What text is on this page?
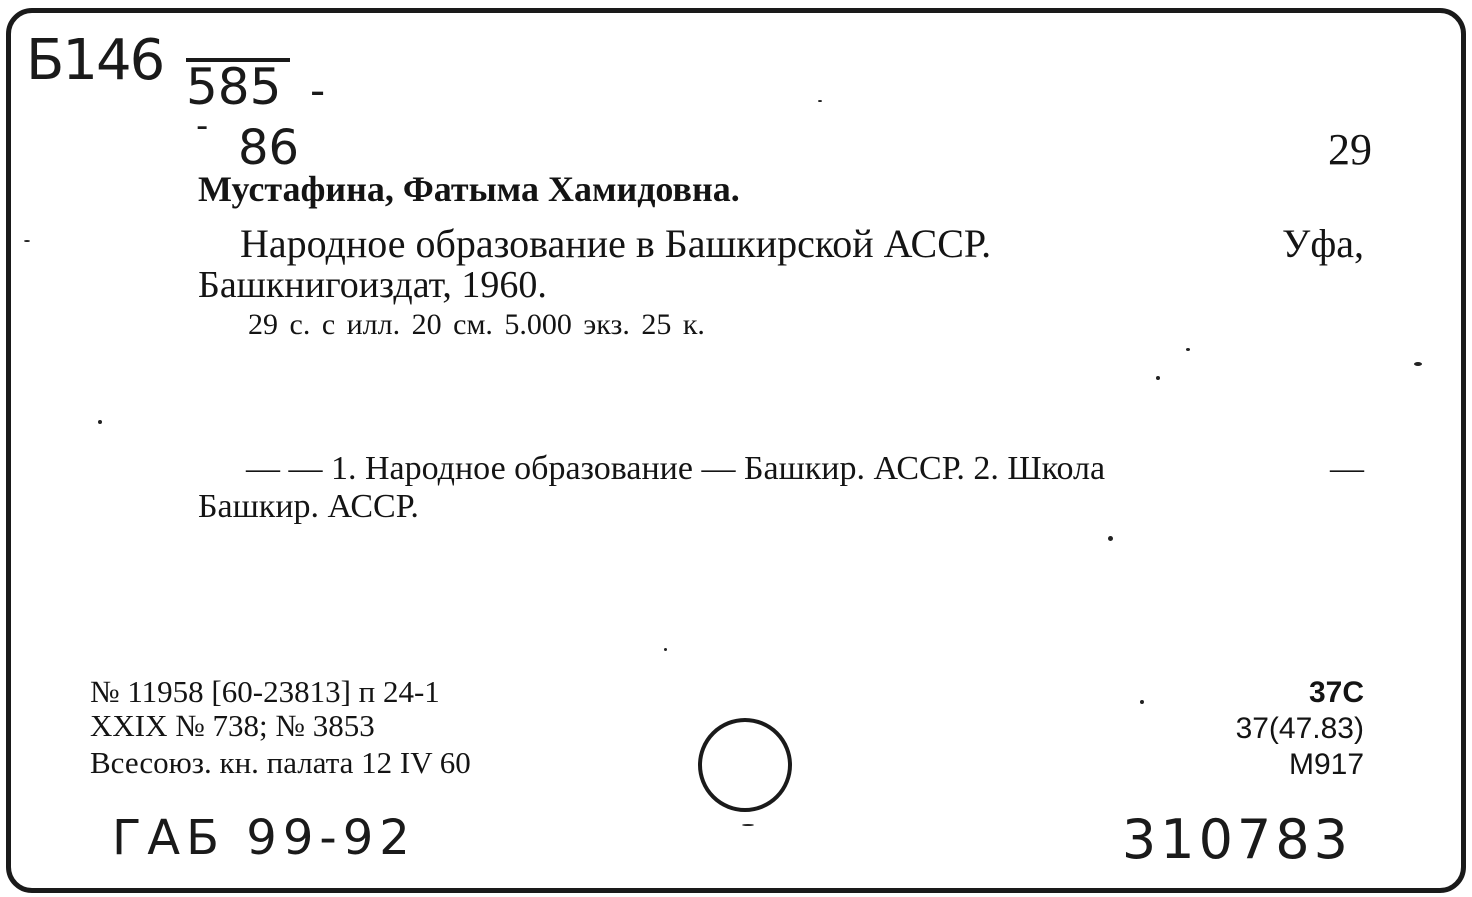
Б146 585 -
- 86	29
Мустафина, Фатыма Хамидовна.
Народное образование в Башкирской АССР.	Уфа,
Башкнигоиздат, 1960.
29 с. с илл. 20 см. 5.000 экз. 25 к.
— — 1. Народное образование — Башкир. АССР. 2. Школа	—
Башкир. АССР.
№ 11958 [60-23813] п 24-1
XXIX № 738; № 3853
Всесоюз. кн. палата 12 IV 60
37С
37(47.83)
М917
ГАБ 99-92	310783
